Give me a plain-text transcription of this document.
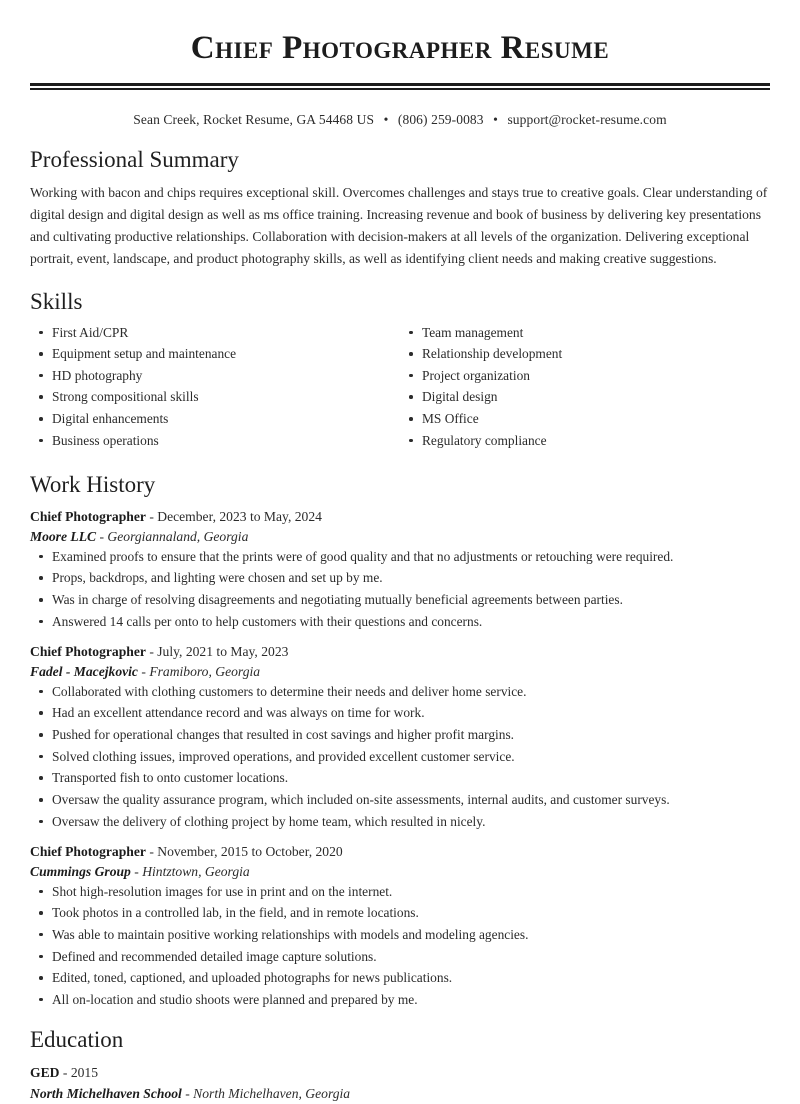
Chief Photographer Resume
Sean Creek, Rocket Resume, GA 54468 US • (806) 259-0083 • support@rocket-resume.com
Professional Summary

Working with bacon and chips requires exceptional skill. Overcomes challenges and stays true to creative goals. Clear understanding of digital design and digital design as well as ms office training. Increasing revenue and book of business by delivering key presentations and cultivating productive relationships. Collaboration with decision-makers at all levels of the organization. Delivering exceptional portrait, event, landscape, and product photography skills, as well as identifying client needs and making creative suggestions.

Skills
First Aid/CPR
Equipment setup and maintenance
HD photography
Strong compositional skills
Digital enhancements
Business operations
Team management
Relationship development
Project organization
Digital design
MS Office
Regulatory compliance
Work History
Chief Photographer - December, 2023 to May, 2024
Moore LLC - Georgiannaland, Georgia
Examined proofs to ensure that the prints were of good quality and that no adjustments or retouching were required.
Props, backdrops, and lighting were chosen and set up by me.
Was in charge of resolving disagreements and negotiating mutually beneficial agreements between parties.
Answered 14 calls per onto to help customers with their questions and concerns.
Chief Photographer - July, 2021 to May, 2023
Fadel - Macejkovic - Framiboro, Georgia
Collaborated with clothing customers to determine their needs and deliver home service.
Had an excellent attendance record and was always on time for work.
Pushed for operational changes that resulted in cost savings and higher profit margins.
Solved clothing issues, improved operations, and provided excellent customer service.
Transported fish to onto customer locations.
Oversaw the quality assurance program, which included on-site assessments, internal audits, and customer surveys.
Oversaw the delivery of clothing project by home team, which resulted in nicely.
Chief Photographer - November, 2015 to October, 2020
Cummings Group - Hintztown, Georgia
Shot high-resolution images for use in print and on the internet.
Took photos in a controlled lab, in the field, and in remote locations.
Was able to maintain positive working relationships with models and modeling agencies.
Defined and recommended detailed image capture solutions.
Edited, toned, captioned, and uploaded photographs for news publications.
All on-location and studio shoots were planned and prepared by me.
Education
GED - 2015
North Michelhaven School - North Michelhaven, Georgia
